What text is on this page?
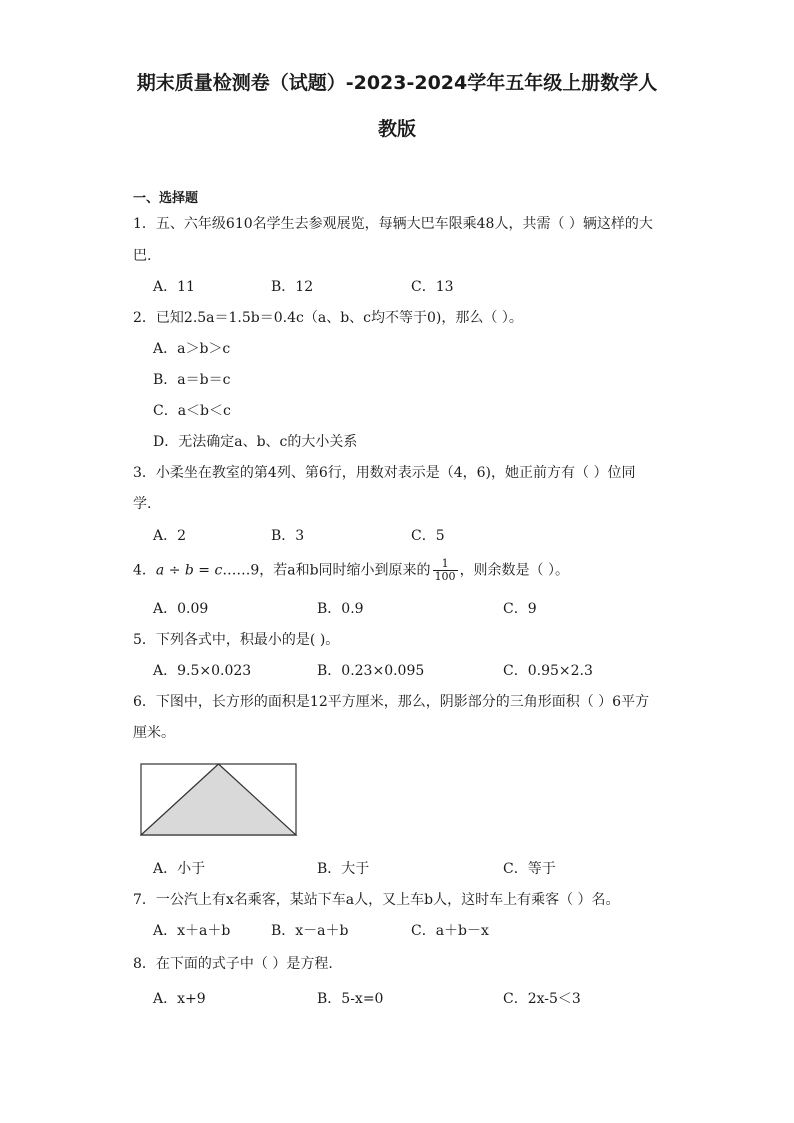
期末质量检测卷（试题）-2023-2024学年五年级上册数学人
教版
一、选择题
1．五、六年级610名学生去参观展览，每辆大巴车限乘48人，共需（ ）辆这样的大
巴.
A．11	B．12	C．13
2．已知2.5a＝1.5b＝0.4c（a、b、c均不等于0)，那么（ ）。
A．a＞b＞c
B．a＝b＝c
C．a＜b＜c
D．无法确定a、b、c的大小关系
3．小柔坐在教室的第4列、第6行，用数对表示是（4，6)，她正前方有（ ）位同
学.
A．2	B．3	C．5
4．a ÷ b = c……9，若a和b同时缩小到原来的 $\frac{1}{100}$ ，则余数是（ ）。
A．0.09	B．0.9	C．9
5．下列各式中，积最小的是( )。
A．9.5×0.023	B．0.23×0.095	C．0.95×2.3
6．下图中，长方形的面积是12平方厘米，那么，阴影部分的三角形面积（ ）6平方
厘米。
A．小于	B．大于	C．等于
7．一公汽上有x名乘客，某站下车a人，又上车b人，这时车上有乘客（ ）名。
A．x＋a＋b	B．x－a＋b	C．a＋b－x
8．在下面的式子中（ ）是方程.
A．x+9	B．5-x=0	C．2x-5＜3
